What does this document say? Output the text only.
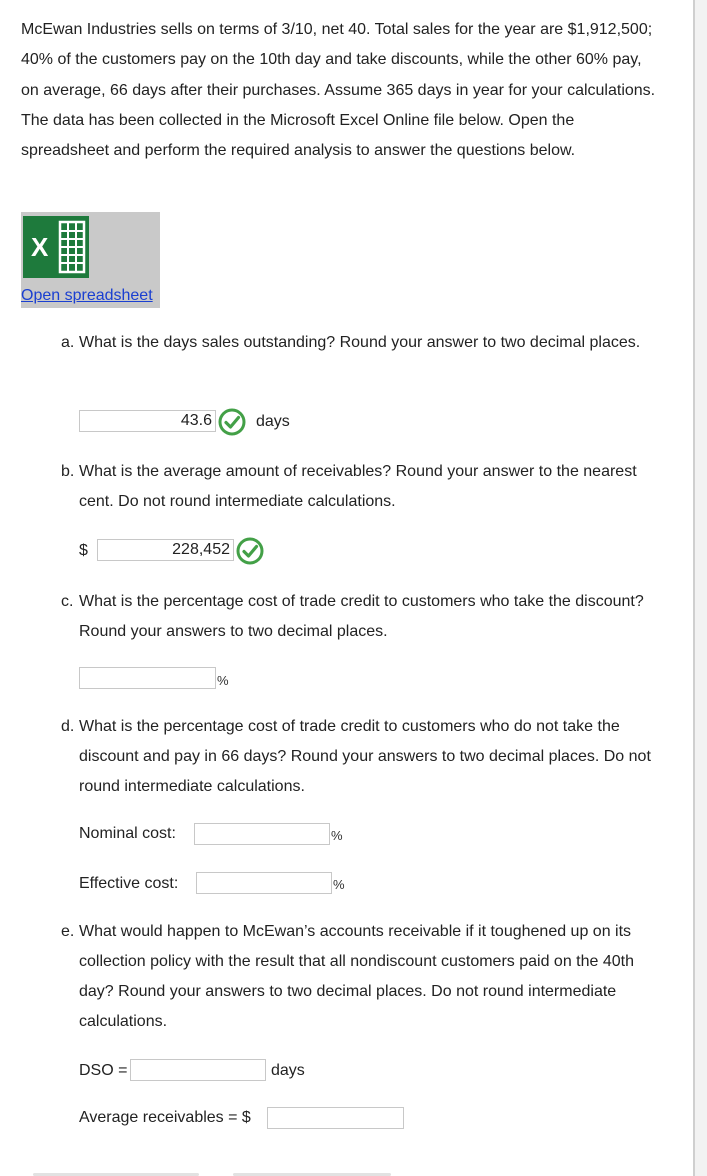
McEwan Industries sells on terms of 3/10, net 40. Total sales for the year are $1,912,500; 40% of the customers pay on the 10th day and take discounts, while the other 60% pay, on average, 66 days after their purchases. Assume 365 days in year for your calculations. The data has been collected in the Microsoft Excel Online file below. Open the spreadsheet and perform the required analysis to answer the questions below.

X
Open spreadsheet

a. What is the days sales outstanding? Round your answer to two decimal places.

43.6
days

b. What is the average amount of receivables? Round your answer to the nearest cent. Do not round intermediate calculations.

$
228,452

c. What is the percentage cost of trade credit to customers who take the discount? Round your answers to two decimal places.

%

d. What is the percentage cost of trade credit to customers who do not take the discount and pay in 66 days? Round your answers to two decimal places. Do not round intermediate calculations.

Nominal cost:	%
Effective cost:	%

e. What would happen to McEwan’s accounts receivable if it toughened up on its collection policy with the result that all nondiscount customers paid on the 40th day? Round your answers to two decimal places. Do not round intermediate calculations.

DSO =	days
Average receivables = $
